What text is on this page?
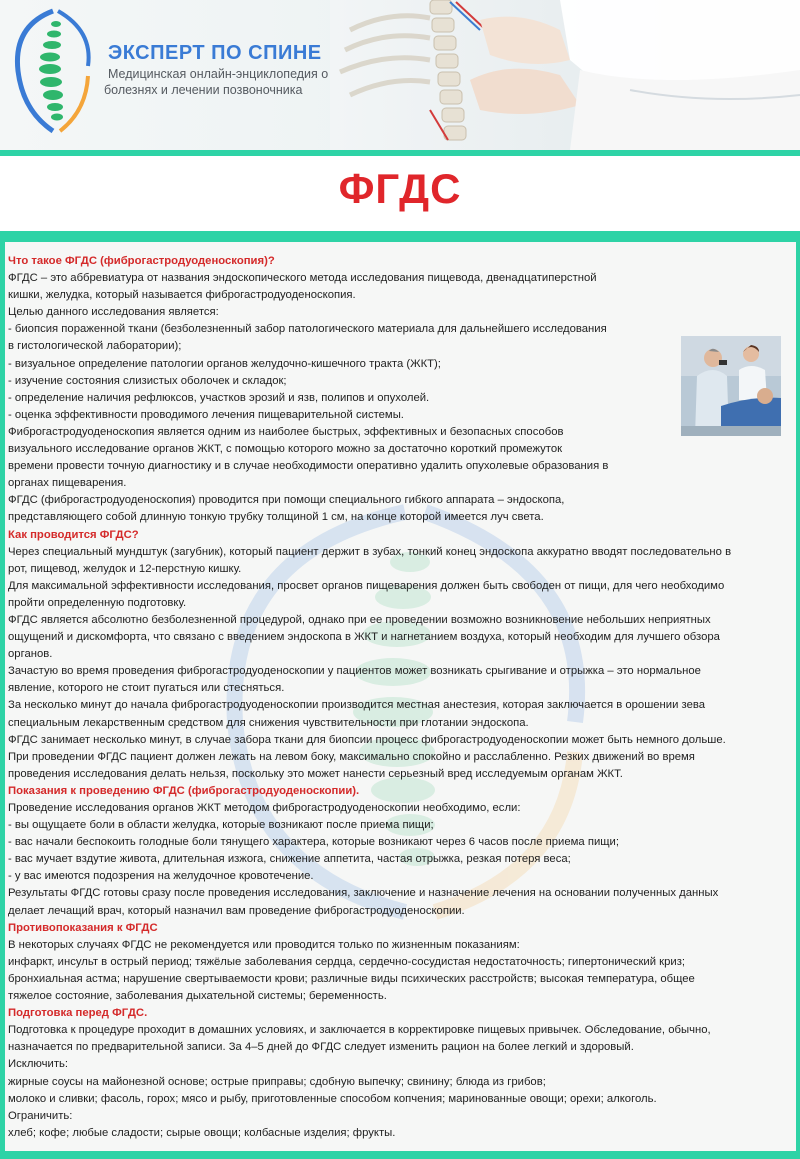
ЭКСПЕРТ ПО СПИНЕ
Медицинская онлайн-энциклопедия о
болезнях и лечении позвоночника
ФГДС

Что такое ФГДС (фиброгастродуоденоскопия)?

ФГДС – это аббревиатура от названия эндоскопического метода исследования пищевода, двенадцатиперстной

кишки, желудка, который называется фиброгастродуоденоскопия.

Целью данного исследования является:

- биопсия пораженной ткани (безболезненный забор патологического материала для дальнейшего исследования

в гистологической лаборатории);

- визуальное определение патологии органов желудочно-кишечного тракта (ЖКТ);

- изучение состояния слизистых оболочек и складок;

- определение наличия рефлюксов, участков эрозий и язв, полипов и опухолей.

- оценка эффективности проводимого лечения пищеварительной системы.

Фиброгастродуоденоскопия является одним из наиболее быстрых, эффективных и безопасных способов

визуального исследование органов ЖКТ, с помощью которого можно за достаточно короткий промежуток

времени провести точную диагностику и в случае необходимости оперативно удалить опухолевые образования в

органах пищеварения.

ФГДС (фиброгастродуоденоскопия) проводится при помощи специального гибкого аппарата – эндоскопа,

представляющего собой длинную тонкую трубку толщиной 1 см, на конце которой имеется луч света.

Как проводится ФГДС?

Через специальный мундштук (загубник), который пациент держит в зубах, тонкий конец эндоскопа аккуратно вводят последовательно в

рот, пищевод, желудок и 12-перстную кишку.

Для максимальной эффективности исследования, просвет органов пищеварения должен быть свободен от пищи, для чего необходимо

пройти определенную подготовку.

ФГДС является абсолютно безболезненной процедурой, однако при ее проведении возможно возникновение небольших неприятных

ощущений и дискомфорта, что связано с введением эндоскопа в ЖКТ и нагнетанием воздуха, который необходим для лучшего обзора

органов.

Зачастую во время проведения фиброгастродуоденоскопии у пациентов может возникать срыгивание и отрыжка – это нормальное

явление, которого не стоит пугаться или стесняться.

За несколько минут до начала фиброгастродуоденоскопии производится местная анестезия, которая заключается в орошении зева

специальным лекарственным средством для снижения чувствительности при глотании эндоскопа.

ФГДС занимает несколько минут, в случае забора ткани для биопсии процесс фиброгастродуоденоскопии может быть немного дольше.

При проведении ФГДС пациент должен лежать на левом боку, максимально спокойно и расслабленно. Резких движений во время

проведения исследования делать нельзя, поскольку это может нанести серьезный вред исследуемым органам ЖКТ.

Показания к проведению ФГДС (фиброгастродуоденоскопии).

Проведение исследования органов ЖКТ методом фиброгастродуоденоскопии необходимо, если:

- вы ощущаете боли в области желудка, которые возникают после приема пищи;

- вас начали беспокоить голодные боли тянущего характера, которые возникают через 6 часов после приема пищи;

- вас мучает вздутие живота, длительная изжога, снижение аппетита, частая отрыжка, резкая потеря веса;

- у вас имеются подозрения на желудочное кровотечение.

Результаты ФГДС готовы сразу после проведения исследования, заключение и назначение лечения на основании полученных данных

делает лечащий врач, который назначил вам проведение фиброгастродуоденоскопии.

Противопоказания к ФГДС

В некоторых случаях ФГДС не рекомендуется или проводится только по жизненным показаниям:

инфаркт, инсульт в острый период; тяжёлые заболевания сердца, сердечно-сосудистая недостаточность; гипертонический криз;

бронхиальная астма; нарушение свертываемости крови; различные виды психических расстройств; высокая температура, общее

тяжелое состояние, заболевания дыхательной системы; беременность.

Подготовка перед ФГДС.

Подготовка к процедуре проходит в домашних условиях, и заключается в корректировке пищевых привычек. Обследование, обычно,

назначается по предварительной записи. За 4–5 дней до ФГДС следует изменить рацион на более легкий и здоровый.

Исключить:

жирные соусы на майонезной основе; острые приправы; сдобную выпечку; свинину; блюда из грибов;

молоко и сливки; фасоль, горох; мясо и рыбу, приготовленные способом копчения; маринованные овощи; орехи; алкоголь.

Ограничить:

хлеб; кофе; любые сладости; сырые овощи; колбасные изделия; фрукты.
